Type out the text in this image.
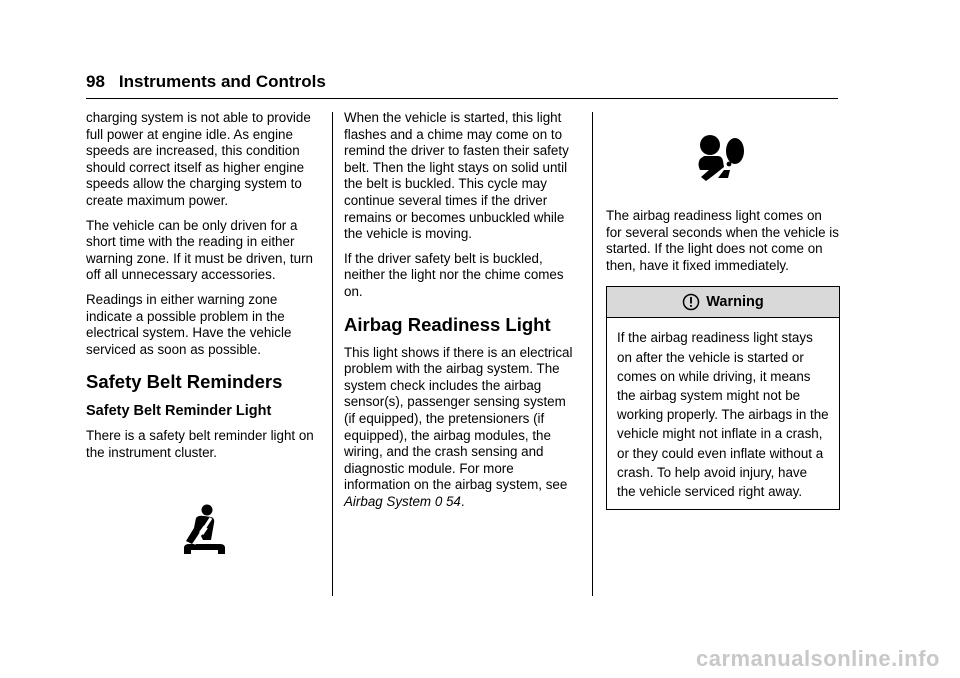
98 Instruments and Controls

charging system is not able to provide full power at engine idle. As engine speeds are increased, this condition should correct itself as higher engine speeds allow the charging system to create maximum power.

The vehicle can be only driven for a short time with the reading in either warning zone. If it must be driven, turn off all unnecessary accessories.

Readings in either warning zone indicate a possible problem in the electrical system. Have the vehicle serviced as soon as possible.

Safety Belt Reminders
Safety Belt Reminder Light

There is a safety belt reminder light on the instrument cluster.

When the vehicle is started, this light flashes and a chime may come on to remind the driver to fasten their safety belt. Then the light stays on solid until the belt is buckled. This cycle may continue several times if the driver remains or becomes unbuckled while the vehicle is moving.

If the driver safety belt is buckled, neither the light nor the chime comes on.

Airbag Readiness Light

This light shows if there is an electrical problem with the airbag system. The system check includes the airbag sensor(s), passenger sensing system (if equipped), the pretensioners (if equipped), the airbag modules, the wiring, and the crash sensing and diagnostic module. For more information on the airbag system, see Airbag System 0 54.

The airbag readiness light comes on for several seconds when the vehicle is started. If the light does not come on then, have it fixed immediately.

Warning
If the airbag readiness light stays on after the vehicle is started or comes on while driving, it means the airbag system might not be working properly. The airbags in the vehicle might not inflate in a crash, or they could even inflate without a crash. To help avoid injury, have the vehicle serviced right away.
carmanualsonline.info
